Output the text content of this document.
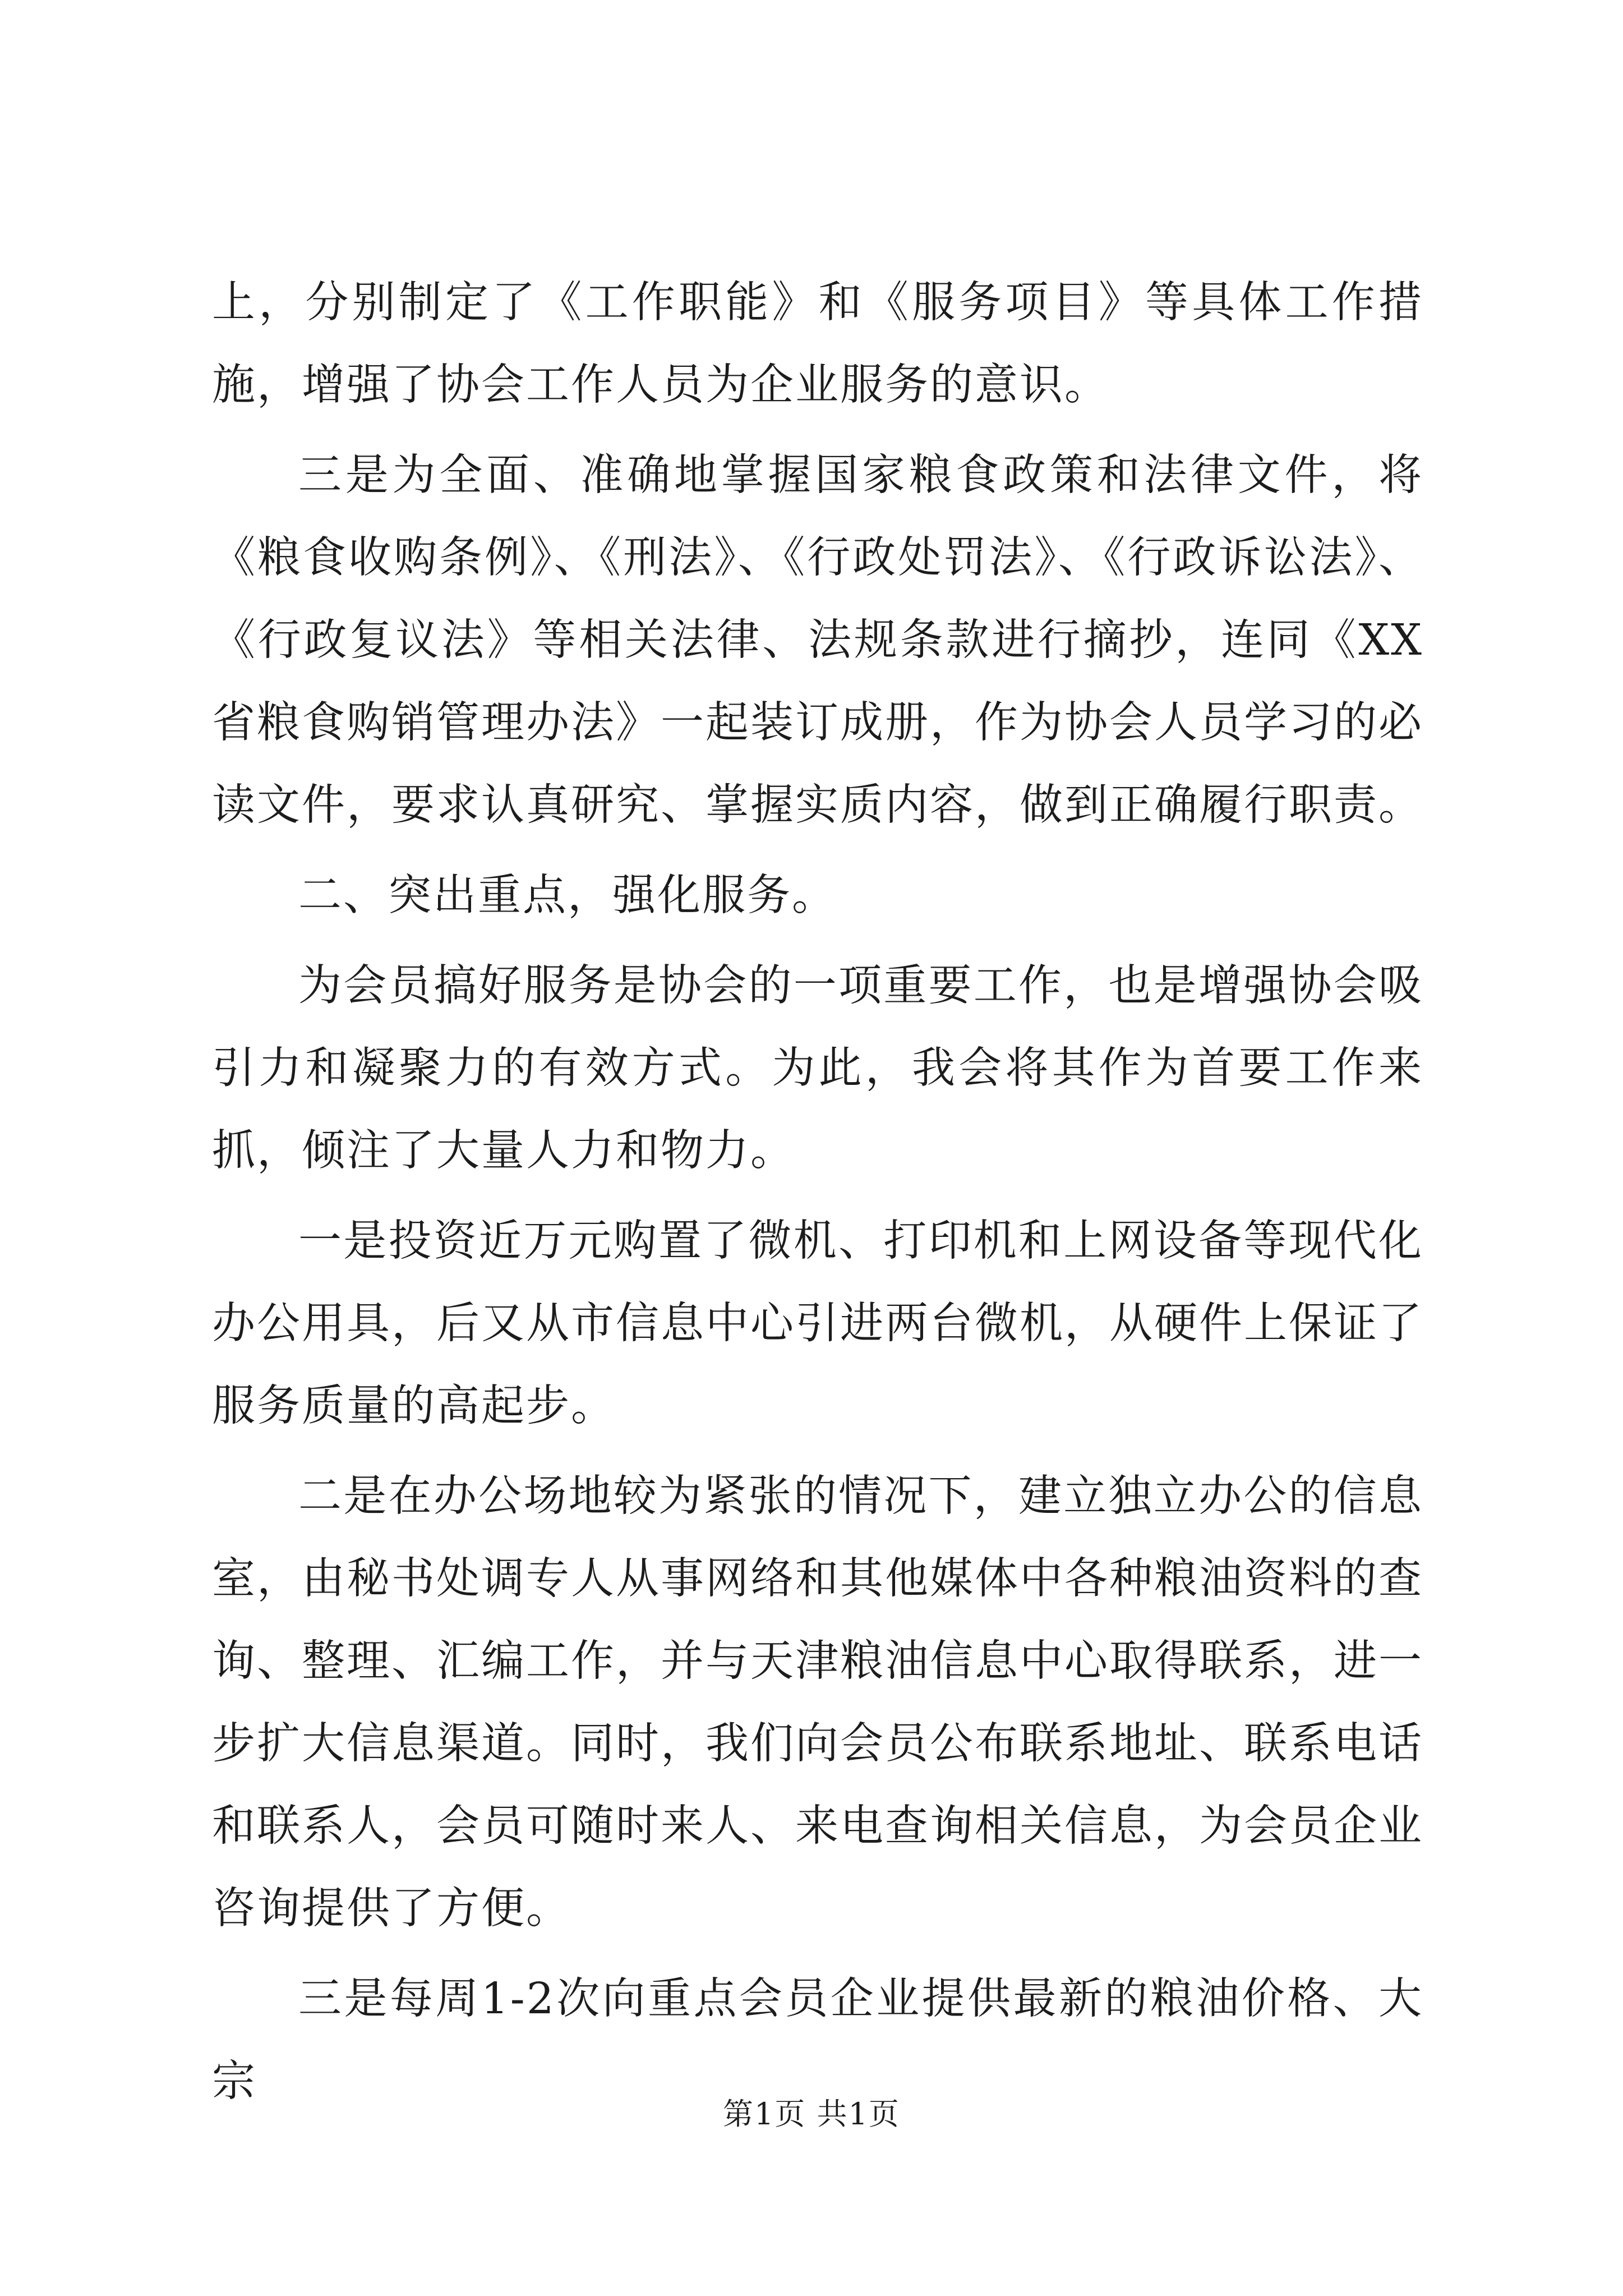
上，分别制定了《工作职能》和《服务项目》等具体工作措施，增强了协会工作人员为企业服务的意识。

三是为全面、准确地掌握国家粮食政策和法律文件，将《粮食收购条例》、《刑法》、《行政处罚法》、《行政诉讼法》、《行政复议法》等相关法律、法规条款进行摘抄，连同《XX省粮食购销管理办法》一起装订成册，作为协会人员学习的必读文件，要求认真研究、掌握实质内容，做到正确履行职责。

二、突出重点，强化服务。

为会员搞好服务是协会的一项重要工作，也是增强协会吸引力和凝聚力的有效方式。为此，我会将其作为首要工作来抓，倾注了大量人力和物力。

一是投资近万元购置了微机、打印机和上网设备等现代化办公用具，后又从市信息中心引进两台微机，从硬件上保证了服务质量的高起步。

二是在办公场地较为紧张的情况下，建立独立办公的信息室，由秘书处调专人从事网络和其他媒体中各种粮油资料的查询、整理、汇编工作，并与天津粮油信息中心取得联系，进一步扩大信息渠道。同时，我们向会员公布联系地址、联系电话和联系人，会员可随时来人、来电查询相关信息，为会员企业咨询提供了方便。

三是每周1-2次向重点会员企业提供最新的粮油价格、大宗

第1页 共1页
